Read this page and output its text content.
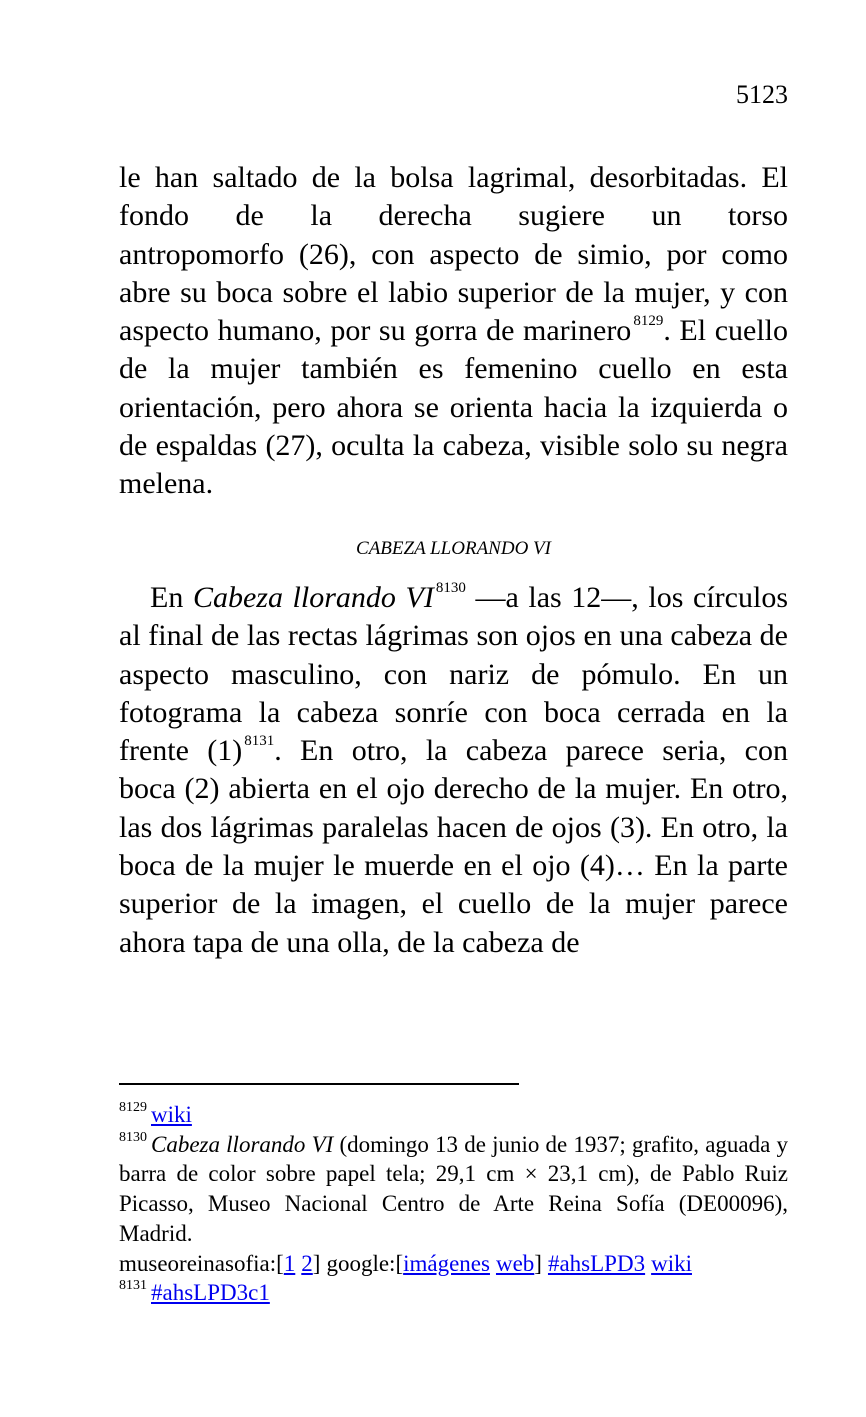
5123

le han saltado de la bolsa lagrimal, desorbitadas. El fondo de la derecha sugiere un torso antropomorfo (26), con aspecto de simio, por como abre su boca sobre el labio superior de la mujer, y con aspecto humano, por su gorra de marinero $^{8129}$. El cuello de la mujer también es femenino cuello en esta orientación, pero ahora se orienta hacia la izquierda o de espaldas (27), oculta la cabeza, visible solo su negra melena.

CABEZA LLORANDO VI

En Cabeza llorando VI $^{8130}$ —a las 12—, los círculos al final de las rectas lágrimas son ojos en una cabeza de aspecto masculino, con nariz de pómulo. En un fotograma la cabeza sonríe con boca cerrada en la frente (1) $^{8131}$. En otro, la cabeza parece seria, con boca (2) abierta en el ojo derecho de la mujer. En otro, las dos lágrimas paralelas hacen de ojos (3). En otro, la boca de la mujer le muerde en el ojo (4)… En la parte superior de la imagen, el cuello de la mujer parece ahora tapa de una olla, de la cabeza de

$^{8129}$ wiki

$^{8130}$ Cabeza llorando VI (domingo 13 de junio de 1937; grafito, aguada y barra de color sobre papel tela; 29,1 cm × 23,1 cm), de Pablo Ruiz Picasso, Museo Nacional Centro de Arte Reina Sofía (DE00096), Madrid.

museoreinasofia:[1 2] google:[imágenes web] #ahsLPD3 wiki

$^{8131}$ #ahsLPD3c1
